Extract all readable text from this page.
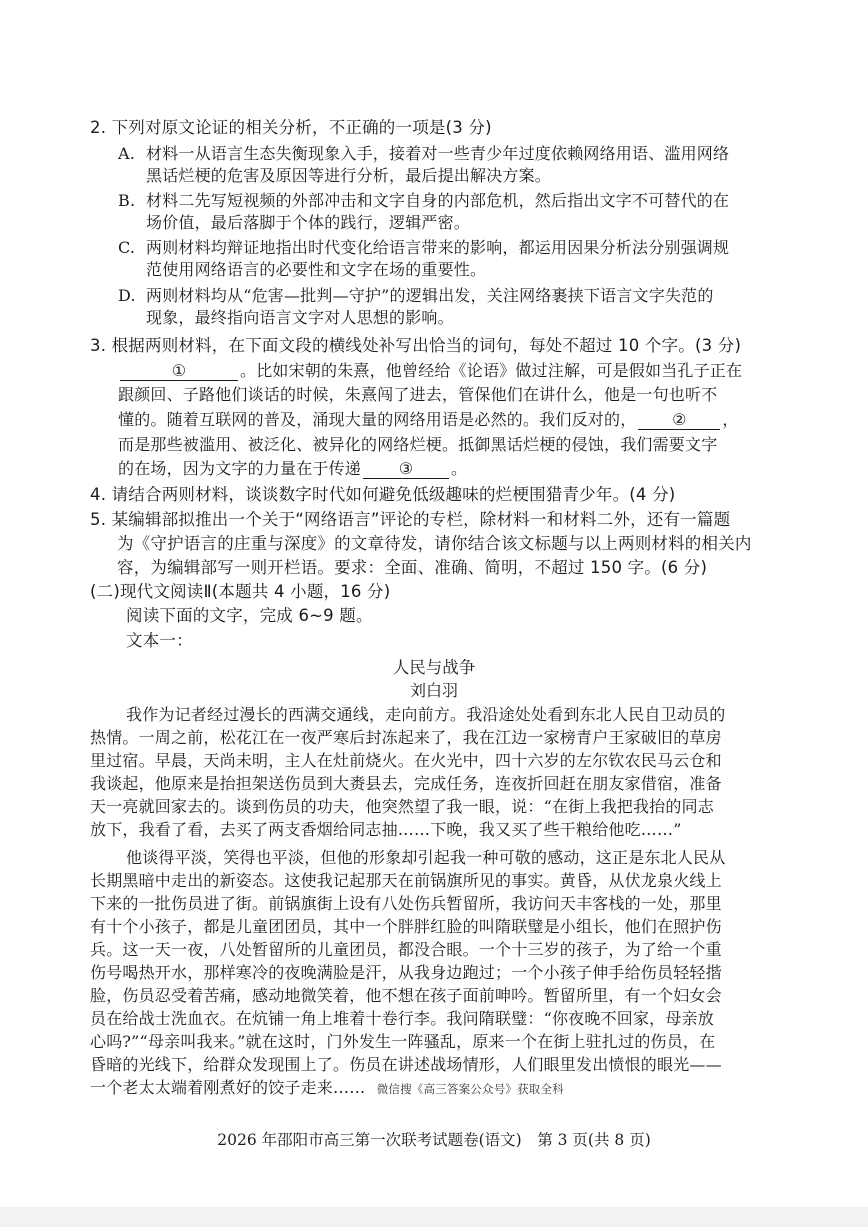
2. 下列对原文论证的相关分析，不正确的一项是(3 分)
A. 材料一从语言生态失衡现象入手，接着对一些青少年过度依赖网络用语、滥用网络
黑话烂梗的危害及原因等进行分析，最后提出解决方案。
B. 材料二先写短视频的外部冲击和文字自身的内部危机，然后指出文字不可替代的在
场价值，最后落脚于个体的践行，逻辑严密。
C. 两则材料均辩证地指出时代变化给语言带来的影响，都运用因果分析法分别强调规
范使用网络语言的必要性和文字在场的重要性。
D. 两则材料均从“危害—批判—守护”的逻辑出发，关注网络裹挟下语言文字失范的
现象，最终指向语言文字对人思想的影响。
3. 根据两则材料，在下面文段的横线处补写出恰当的词句，每处不超过 10 个字。(3 分)
①	。比如宋朝的朱熹，他曾经给《论语》做过注解，可是假如当孔子正在
跟颜回、子路他们谈话的时候，朱熹闯了进去，管保他们在讲什么，他是一句也听不
懂的。随着互联网的普及，涌现大量的网络用语是必然的。我们反对的， ② ，
而是那些被滥用、被泛化、被异化的网络烂梗。抵御黑话烂梗的侵蚀，我们需要文字
的在场，因为文字的力量在于传递 ③ 。
4. 请结合两则材料，谈谈数字时代如何避免低级趣味的烂梗围猎青少年。(4 分)
5. 某编辑部拟推出一个关于“网络语言”评论的专栏，除材料一和材料二外，还有一篇题
为《守护语言的庄重与深度》的文章待发，请你结合该文标题与以上两则材料的相关内
容，为编辑部写一则开栏语。要求：全面、准确、简明，不超过 150 字。(6 分)
(二)现代文阅读Ⅱ(本题共 4 小题，16 分)
阅读下面的文字，完成 6~9 题。
文本一：
人民与战争
刘白羽
我作为记者经过漫长的西满交通线，走向前方。我沿途处处看到东北人民自卫动员的
热情。一周之前，松花江在一夜严寒后封冻起来了，我在江边一家榜青户王家破旧的草房
里过宿。早晨，天尚未明，主人在灶前烧火。在火光中，四十六岁的左尔钦农民马云仓和
我谈起，他原来是抬担架送伤员到大赉县去，完成任务，连夜折回赶在朋友家借宿，准备
天一亮就回家去的。谈到伤员的功夫，他突然望了我一眼，说：“在街上我把我抬的同志
放下，我看了看，去买了两支香烟给同志抽……下晚，我又买了些干粮给他吃……”
他谈得平淡，笑得也平淡，但他的形象却引起我一种可敬的感动，这正是东北人民从
长期黑暗中走出的新姿态。这使我记起那天在前锅旗所见的事实。黄昏，从伏龙泉火线上
下来的一批伤员进了街。前锅旗街上设有八处伤兵暂留所，我访问天丰客栈的一处，那里
有十个小孩子，都是儿童团团员，其中一个胖胖红脸的叫隋联璧是小组长，他们在照护伤
兵。这一天一夜，八处暂留所的儿童团员，都没合眼。一个十三岁的孩子，为了给一个重
伤号喝热开水，那样寒冷的夜晚满脸是汗，从我身边跑过；一个小孩子伸手给伤员轻轻揩
脸，伤员忍受着苦痛，感动地微笑着，他不想在孩子面前呻吟。暂留所里，有一个妇女会
员在给战士洗血衣。在炕铺一角上堆着十卷行李。我问隋联璧：“你夜晚不回家，母亲放
心吗?”“母亲叫我来。”就在这时，门外发生一阵骚乱，原来一个在街上驻扎过的伤员，在
昏暗的光线下，给群众发现围上了。伤员在讲述战场情形，人们眼里发出愤恨的眼光——
一个老太太端着刚煮好的饺子走来…… 微信搜《高三答案公众号》获取全科
2026 年邵阳市高三第一次联考试题卷(语文)　第 3 页(共 8 页)
